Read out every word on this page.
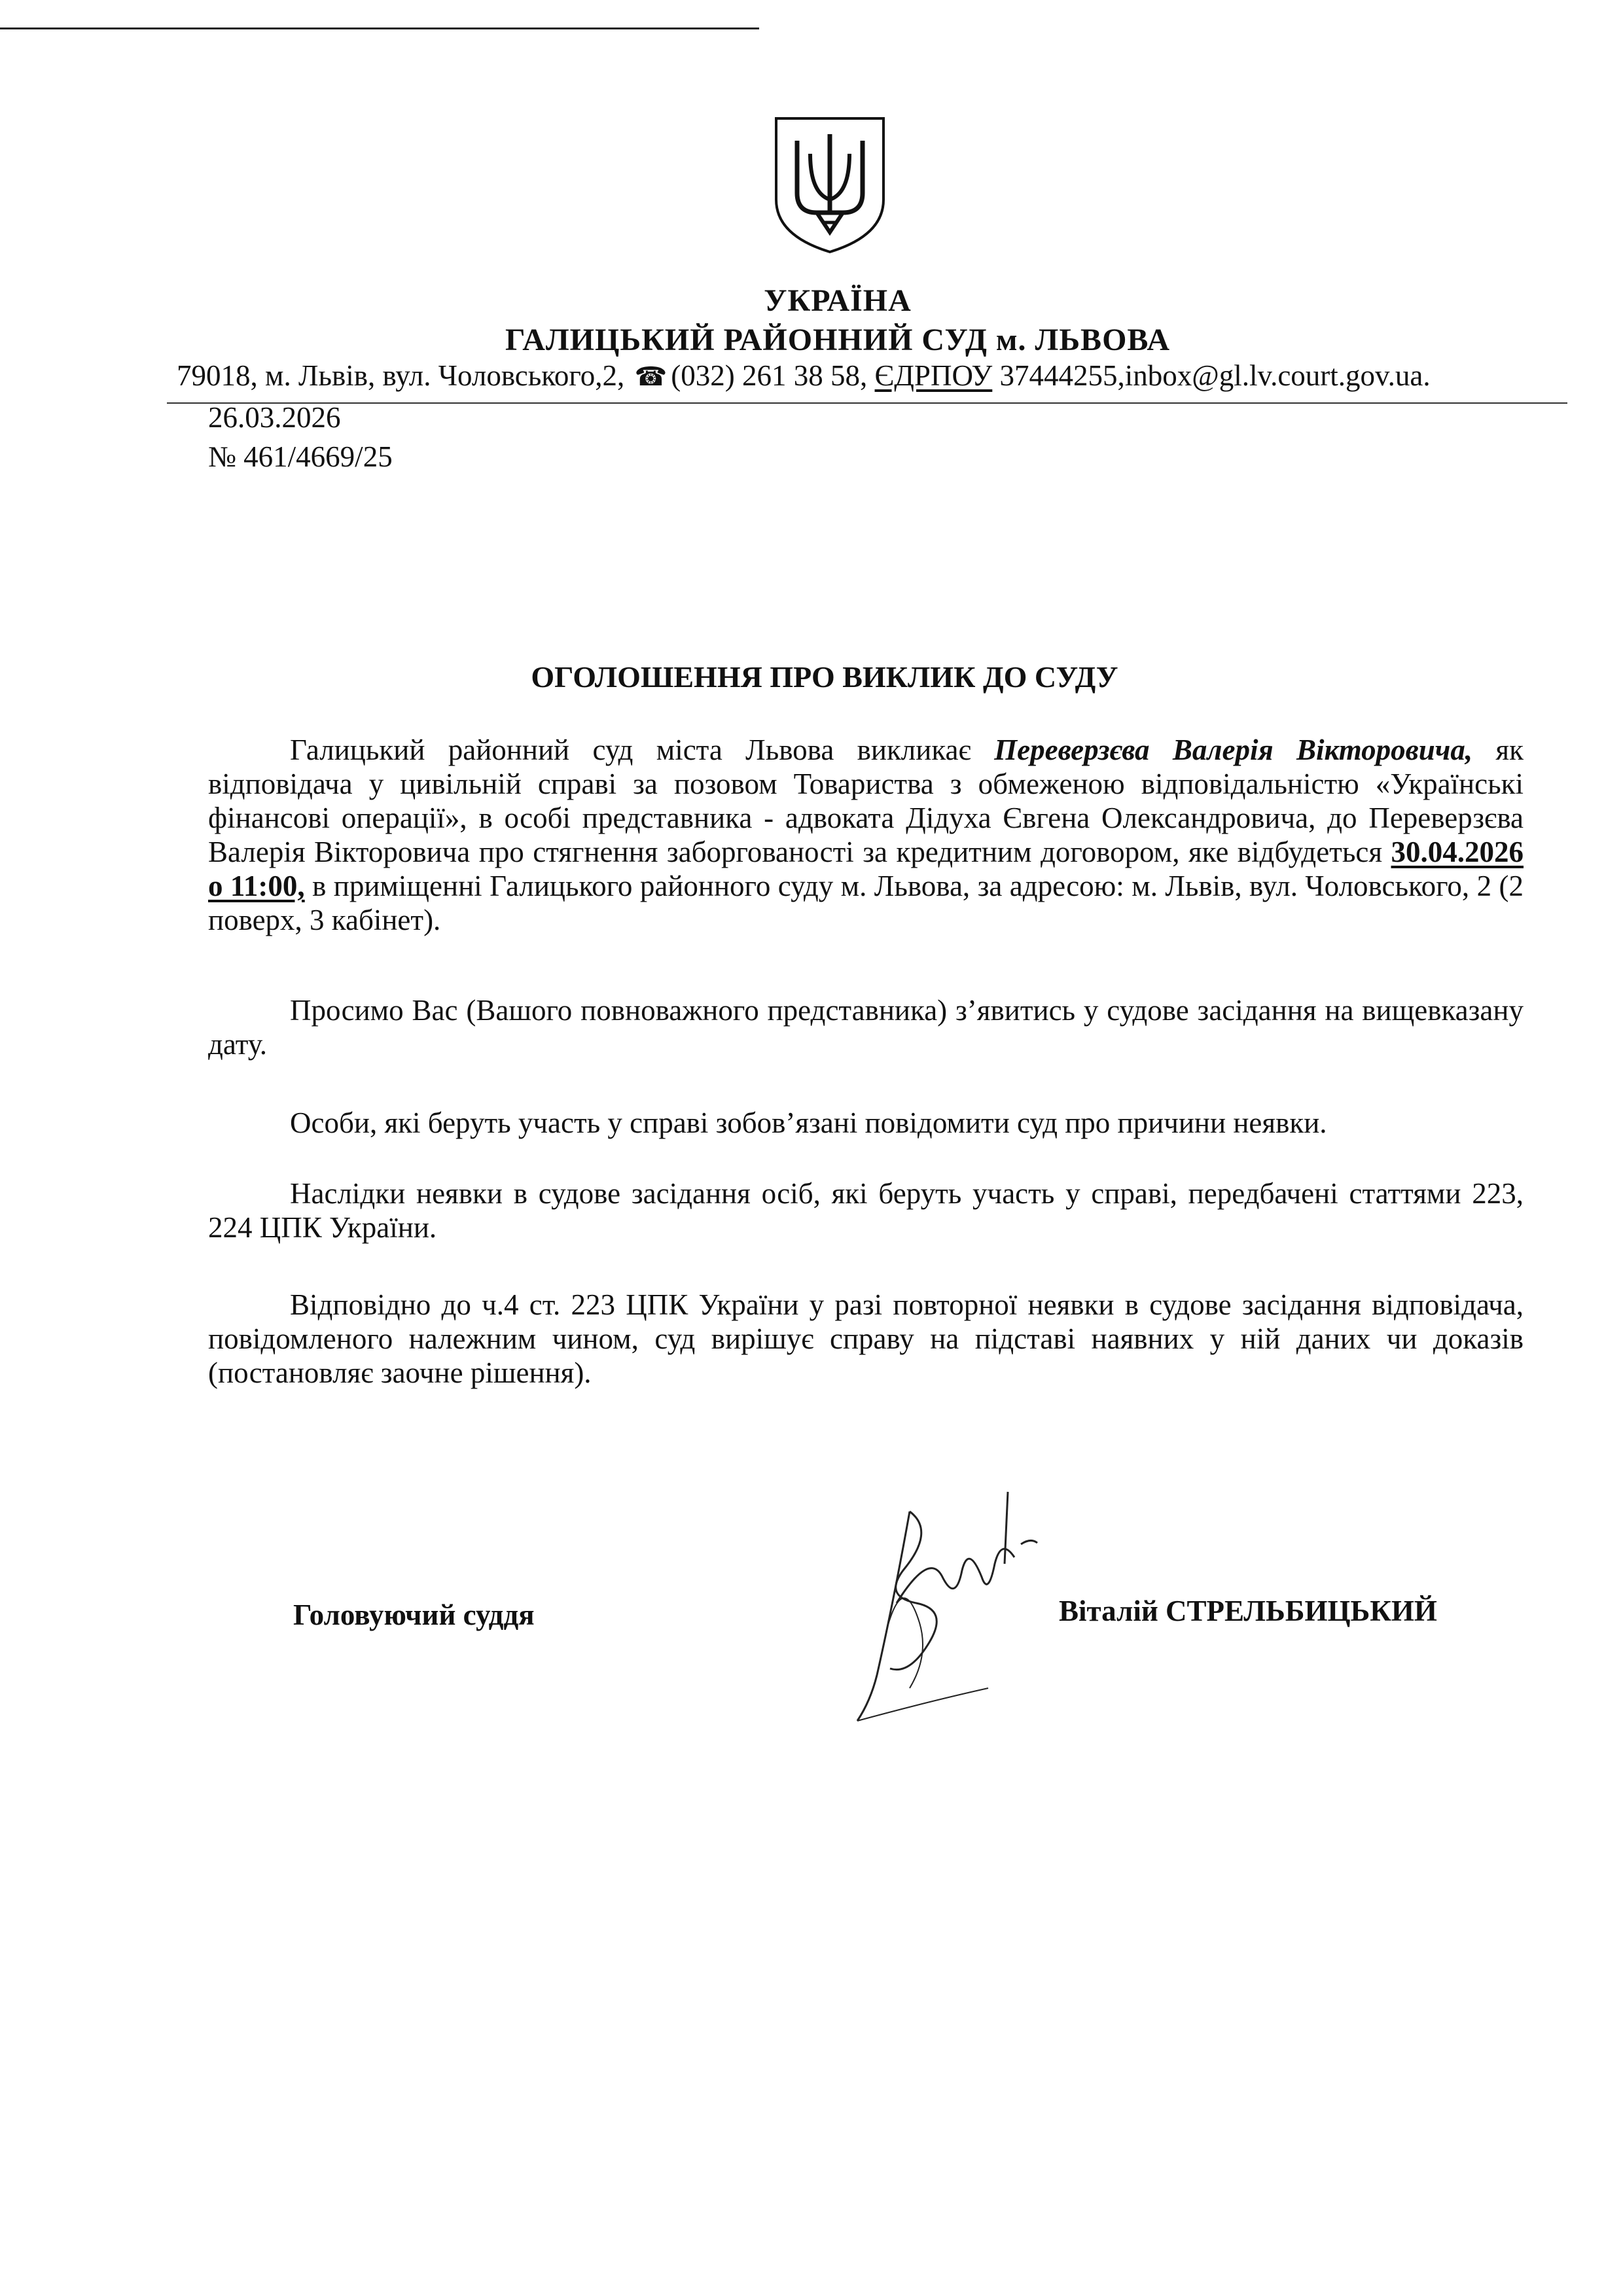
УКРАЇНА
ГАЛИЦЬКИЙ РАЙОННИЙ СУД м. ЛЬВОВА
79018, м. Львів, вул. Чоловського,2, ☎ (032) 261 38 58, ЄДРПОУ 37444255,inbox@gl.lv.court.gov.ua.
26.03.2026
№ 461/4669/25
ОГОЛОШЕННЯ ПРО ВИКЛИК ДО СУДУ
Галицький районний суд міста Львова викликає Переверзєва Валерія Вікторовича, як відповідача у цивільній справі за позовом Товариства з обмеженою відповідальністю «Українські фінансові операції», в особі представника - адвоката Дідуха Євгена Олександровича, до Переверзєва Валерія Вікторовича про стягнення заборгованості за кредитним договором, яке відбудеться 30.04.2026 о 11:00, в приміщенні Галицького районного суду м. Львова, за адресою: м. Львів, вул. Чоловського, 2 (2 поверх, 3 кабінет).
Просимо Вас (Вашого повноважного представника) з’явитись у судове засідання на вищевказану дату.
Особи, які беруть участь у справі зобов’язані повідомити суд про причини неявки.
Наслідки неявки в судове засідання осіб, які беруть участь у справі, передбачені статтями 223, 224 ЦПК України.
Відповідно до ч.4 ст. 223 ЦПК України у разі повторної неявки в судове засідання відповідача, повідомленого належним чином, суд вирішує справу на підставі наявних у ній даних чи доказів (постановляє заочне рішення).
Головуючий суддя	Віталій СТРЕЛЬБИЦЬКИЙ
